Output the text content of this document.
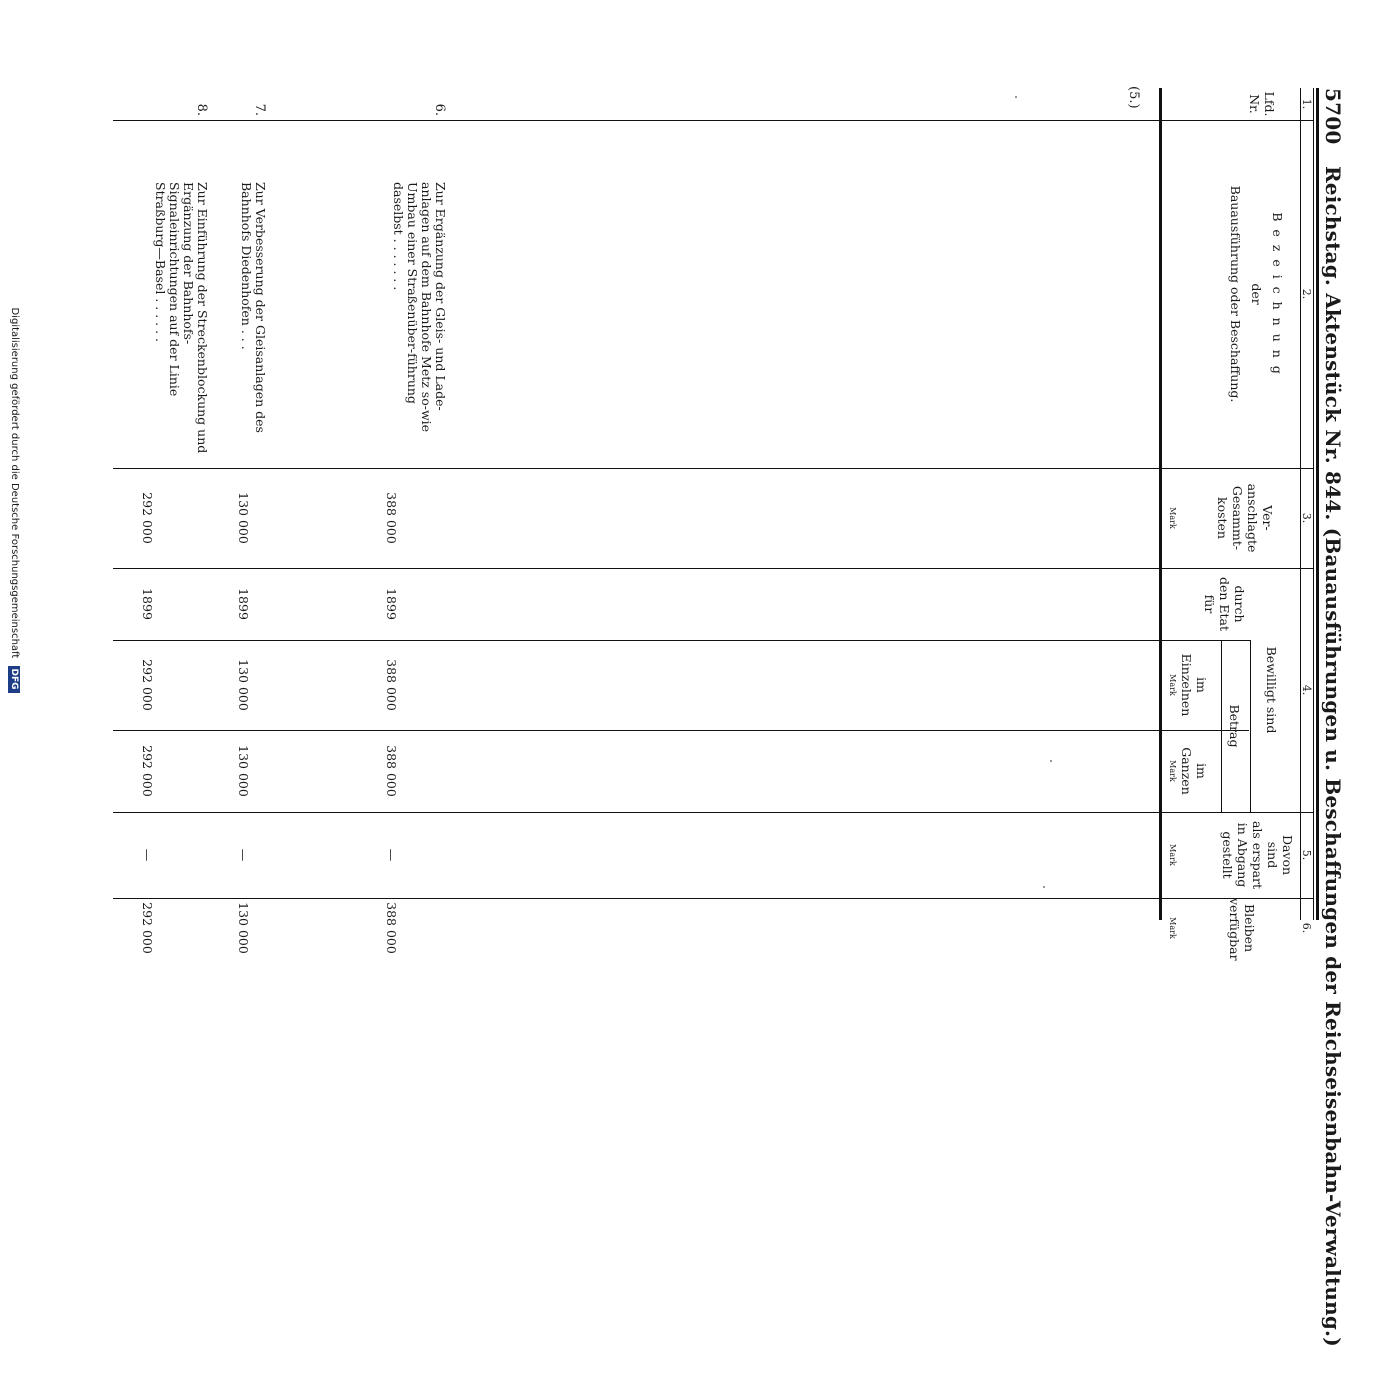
5700   Reichstag. Aktenstück Nr. 844. (Bauausführungen u. Beschaffungen der Reichseisenbahn-Verwaltung.)
1.
2.
3.
4.
5.
6.
Lfd.
Nr.
B e z e i c h n u n g
der
Bauausführung oder Beschaffung.
Ver-
anschlagte
Gesammt-
kosten
Bewilligt sind
durch
den Etat
für
Betrag
im
Einzelnen
im
Ganzen
Davon
sind
als erspart
in Abgang
gestellt
Bleiben
verfügbar
Mark
Mark
Mark
Mark
Mark
(5.)
6.
Zur Ergänzung der Gleis- und Lade-anlagen auf dem Bahnhofe Metz so-wie Umbau einer Straßenüber-führung daselbst . . . . . . .
388 000
1899
388 000
388 000
—
388 000
7.
Zur Verbesserung der Gleisanlagen des Bahnhofs Diedenhofen . . .
130 000
1899
130 000
130 000
—
130 000
8.
Zur Einführung der Streckenblockung und Ergänzung der Bahnhofs-Signaleinrichtungen auf der Linie Straßburg—Basel . . . . . .
292 000
1899
292 000
292 000
—
292 000
Digitalisierung gefördert durch die Deutsche Forschungsgemeinschaft DFG
